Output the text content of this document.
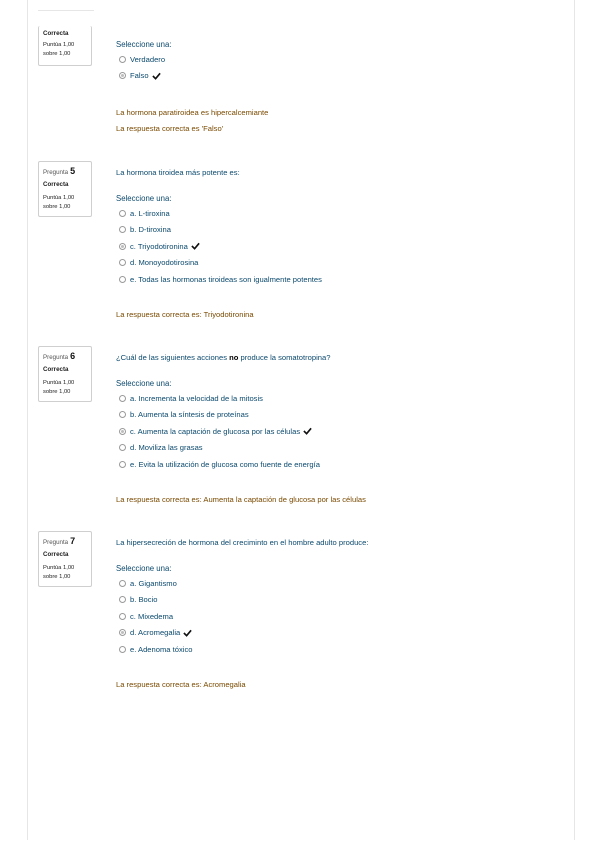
Correcta
Puntúa 1,00
sobre 1,00
Seleccione una:
Verdadero
Falso
La hormona paratiroidea es hipercalcemiante
La respuesta correcta es 'Falso'
Pregunta 5
Correcta
Puntúa 1,00
sobre 1,00
La hormona tiroidea más potente es:
Seleccione una:
a. L-tiroxina
b. D-tiroxina
c. Triyodotironina
d. Monoyodotirosina
e. Todas las hormonas tiroideas son igualmente potentes
La respuesta correcta es: Triyodotironina
Pregunta 6
Correcta
Puntúa 1,00
sobre 1,00
¿Cuál de las siguientes acciones no produce la somatotropina?
Seleccione una:
a. Incrementa la velocidad de la mitosis
b. Aumenta la síntesis de proteínas
c. Aumenta la captación de glucosa por las células
d. Moviliza las grasas
e. Evita la utilización de glucosa como fuente de energía
La respuesta correcta es: Aumenta la captación de glucosa por las células
Pregunta 7
Correcta
Puntúa 1,00
sobre 1,00
La hipersecreción de hormona del creciminto en el hombre adulto produce:
Seleccione una:
a. Gigantismo
b. Bocio
c. Mixedema
d. Acromegalia
e. Adenoma tóxico
La respuesta correcta es: Acromegalia
